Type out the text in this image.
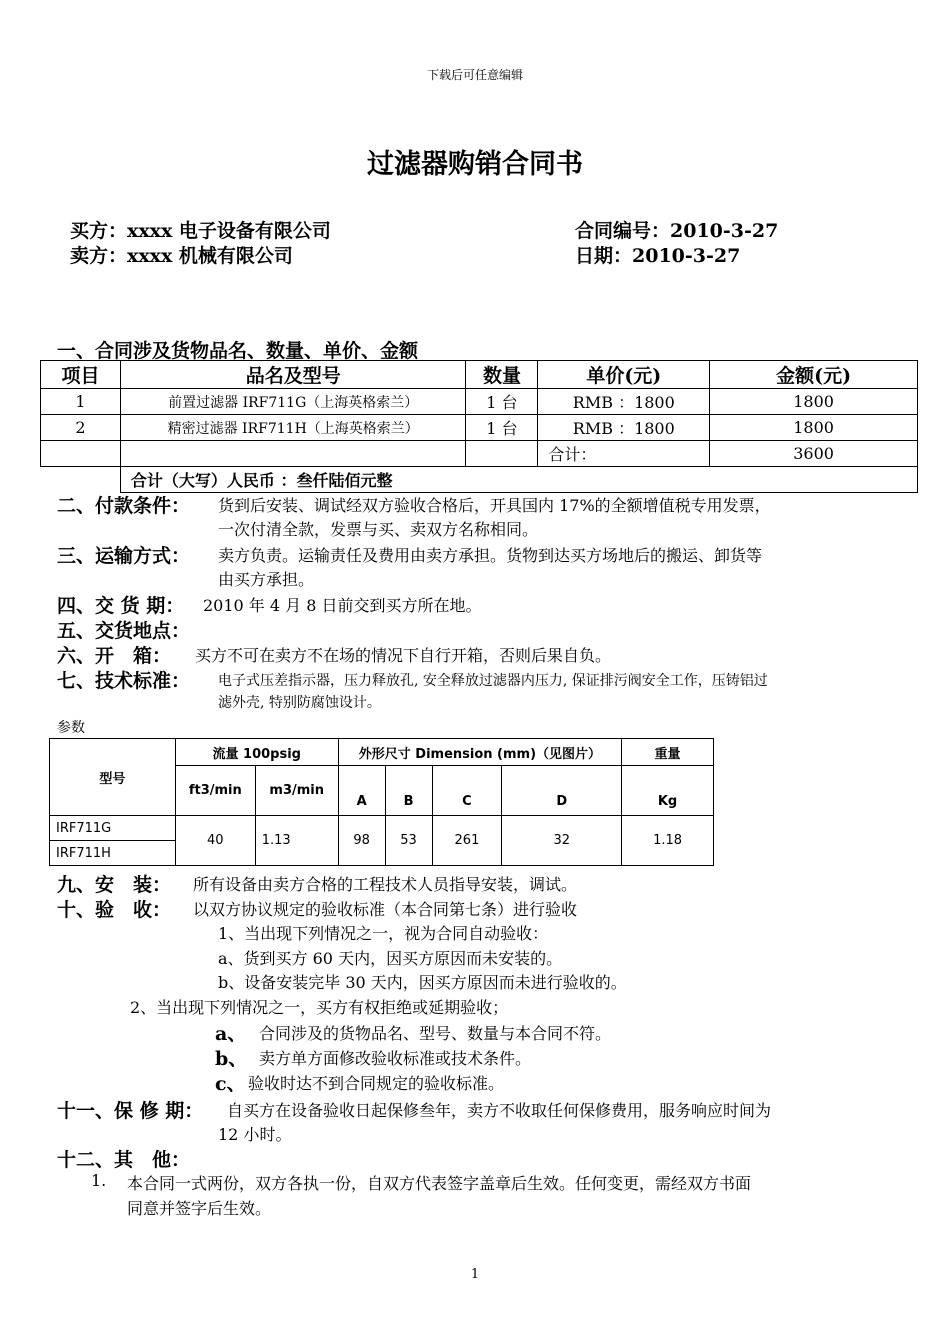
下载后可任意编辑
过滤器购销合同书
买方：xxxx 电子设备有限公司
卖方：xxxx 机械有限公司
合同编号：2010-3-27
日期：2010-3-27
一、合同涉及货物品名、数量、单价、金额
项目	品名及型号	数量	单价(元)	金额(元)
1	前置过滤器 IRF711G（上海英格索兰）	1 台	RMB ：1800	1800
2	精密过滤器 IRF711H（上海英格索兰）	1 台	RMB ：1800	1800
			合计：	3600
	合计（大写）人民币 ：叁仟陆佰元整			
二、付款条件： 货到后安装、调试经双方验收合格后，开具国内 17%的全额增值税专用发票，
一次付清全款，发票与买、卖双方名称相同。
三、运输方式： 卖方负责。运输责任及费用由卖方承担。货物到达买方场地后的搬运、卸货等
由买方承担。
四、交 货 期： 2010 年 4 月 8 日前交到买方所在地。
五、交货地点：
六、开　箱： 买方不可在卖方不在场的情况下自行开箱，否则后果自负。
七、技术标准： 电子式压差指示器，压力释放孔, 安全释放过滤器内压力, 保证排污阀安全工作，压铸铝过
滤外壳, 特别防腐蚀设计。
参数
型号	流量 100psig		外形尺寸 Dimension (mm)（见图片）				重量
	ft3/min	m3/min	A	B	C	D	Kg
IRF711G	40	1.13	98	53	261	32	1.18
IRF711H							
九、安　装： 所有设备由卖方合格的工程技术人员指导安装，调试。
十、验　收： 以双方协议规定的验收标准（本合同第七条）进行验收
1、当出现下列情况之一，视为合同自动验收：
a、货到买方 60 天内，因买方原因而未安装的。
b、设备安装完毕 30 天内，因买方原因而未进行验收的。
2、当出现下列情况之一，买方有权拒绝或延期验收；
a、 合同涉及的货物品名、型号、数量与本合同不符。
b、 卖方单方面修改验收标准或技术条件。
c、 验收时达不到合同规定的验收标准。
十一、保 修 期： 自买方在设备验收日起保修叁年，卖方不收取任何保修费用，服务响应时间为
12 小时。
十二、其　他：
1. 本合同一式两份，双方各执一份，自双方代表签字盖章后生效。任何变更，需经双方书面
同意并签字后生效。
1
